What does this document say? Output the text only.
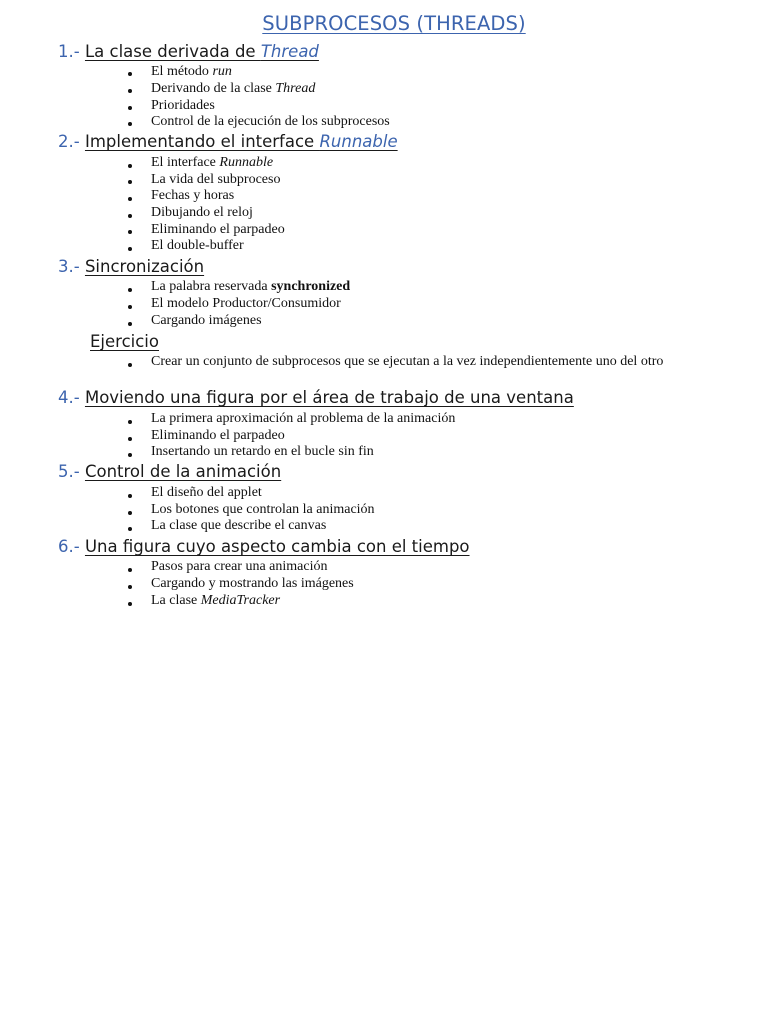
SUBPROCESOS (THREADS)
1.- La clase derivada de Thread
El método run
Derivando de la clase Thread
Prioridades
Control de la ejecución de los subprocesos
2.- Implementando el interface Runnable
El interface Runnable
La vida del subproceso
Fechas y horas
Dibujando el reloj
Eliminando el parpadeo
El double-buffer
3.- Sincronización
La palabra reservada synchronized
El modelo Productor/Consumidor
Cargando imágenes
Ejercicio
Crear un conjunto de subprocesos que se ejecutan a la vez independientemente uno del otro
4.- Moviendo una figura por el área de trabajo de una ventana
La primera aproximación al problema de la animación
Eliminando el parpadeo
Insertando un retardo en el bucle sin fin
5.- Control de la animación
El diseño del applet
Los botones que controlan la animación
La clase que describe el canvas
6.- Una figura cuyo aspecto cambia con el tiempo
Pasos para crear una animación
Cargando y mostrando las imágenes
La clase MediaTracker
